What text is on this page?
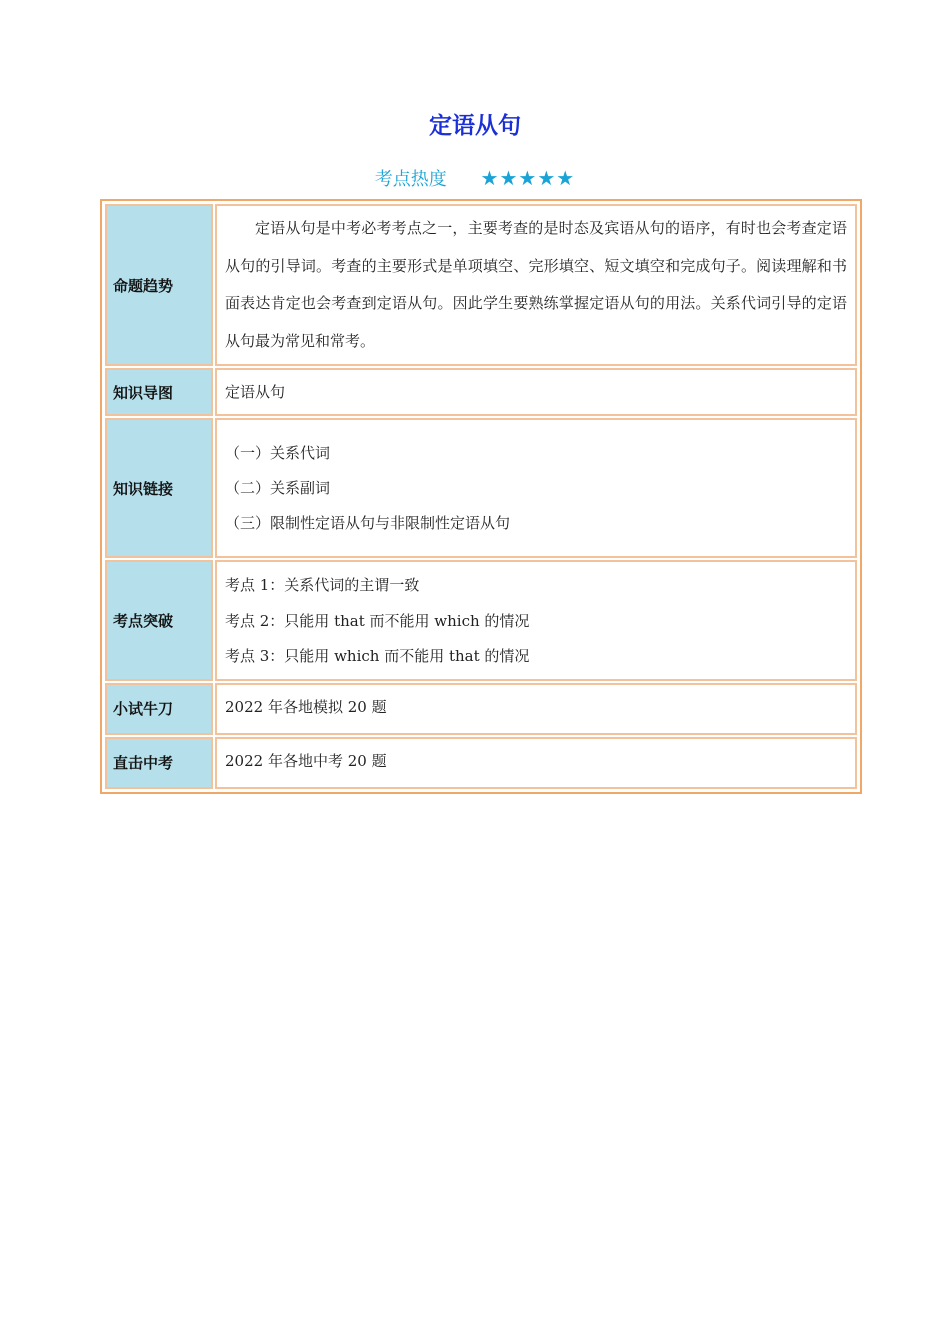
定语从句
考点热度 ★★★★★
命题趋势	定语从句是中考必考考点之一，主要考查的是时态及宾语从句的语序，有时也会考查定语从句的引导词。考查的主要形式是单项填空、完形填空、短文填空和完成句子。阅读理解和书面表达肯定也会考查到定语从句。因此学生要熟练掌握定语从句的用法。关系代词引导的定语从句最为常见和常考。

知识导图	定语从句
知识链接	（一）关系代词

（二）关系副词

（三）限制性定语从句与非限制性定语从句

考点突破	考点 1：关系代词的主谓一致

考点 2：只能用 that 而不能用 which 的情况

考点 3：只能用 which 而不能用 that 的情况

小试牛刀	2022 年各地模拟 20 题
直击中考	2022 年各地中考 20 题
